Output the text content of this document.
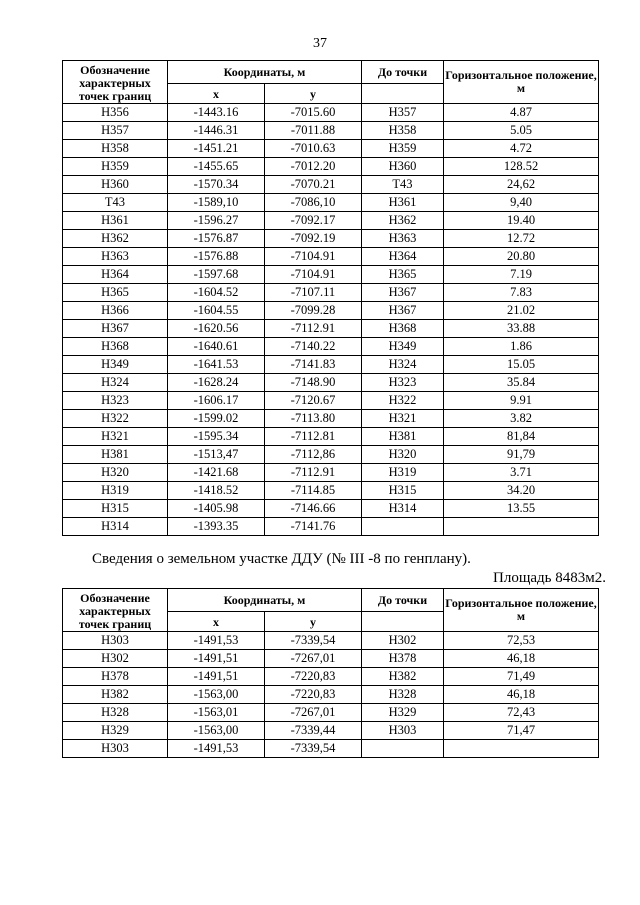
37
Обозначение характерных точек границ	Координаты, м		До точки	Горизонтальное положение, м
	x	y		
Н356	-1443.16	-7015.60	Н357	4.87
Н357	-1446.31	-7011.88	Н358	5.05
Н358	-1451.21	-7010.63	Н359	4.72
Н359	-1455.65	-7012.20	Н360	128.52
Н360	-1570.34	-7070.21	Т43	24,62
Т43	-1589,10	-7086,10	Н361	9,40
Н361	-1596.27	-7092.17	Н362	19.40
Н362	-1576.87	-7092.19	Н363	12.72
Н363	-1576.88	-7104.91	Н364	20.80
Н364	-1597.68	-7104.91	Н365	7.19
Н365	-1604.52	-7107.11	Н367	7.83
Н366	-1604.55	-7099.28	Н367	21.02
Н367	-1620.56	-7112.91	Н368	33.88
Н368	-1640.61	-7140.22	Н349	1.86
Н349	-1641.53	-7141.83	Н324	15.05
Н324	-1628.24	-7148.90	Н323	35.84
Н323	-1606.17	-7120.67	Н322	9.91
Н322	-1599.02	-7113.80	Н321	3.82
Н321	-1595.34	-7112.81	Н381	81,84
Н381	-1513,47	-7112,86	Н320	91,79
Н320	-1421.68	-7112.91	Н319	3.71
Н319	-1418.52	-7114.85	Н315	34.20
Н315	-1405.98	-7146.66	Н314	13.55
Н314	-1393.35	-7141.76		
Сведения о земельном участке ДДУ (№ III -8 по генплану).
Площадь 8483м2.
Обозначение характерных точек границ	Координаты, м		До точки	Горизонтальное положение, м
	x	y		
Н303	-1491,53	-7339,54	Н302	72,53
Н302	-1491,51	-7267,01	Н378	46,18
Н378	-1491,51	-7220,83	Н382	71,49
Н382	-1563,00	-7220,83	Н328	46,18
Н328	-1563,01	-7267,01	Н329	72,43
Н329	-1563,00	-7339,44	Н303	71,47
Н303	-1491,53	-7339,54		
